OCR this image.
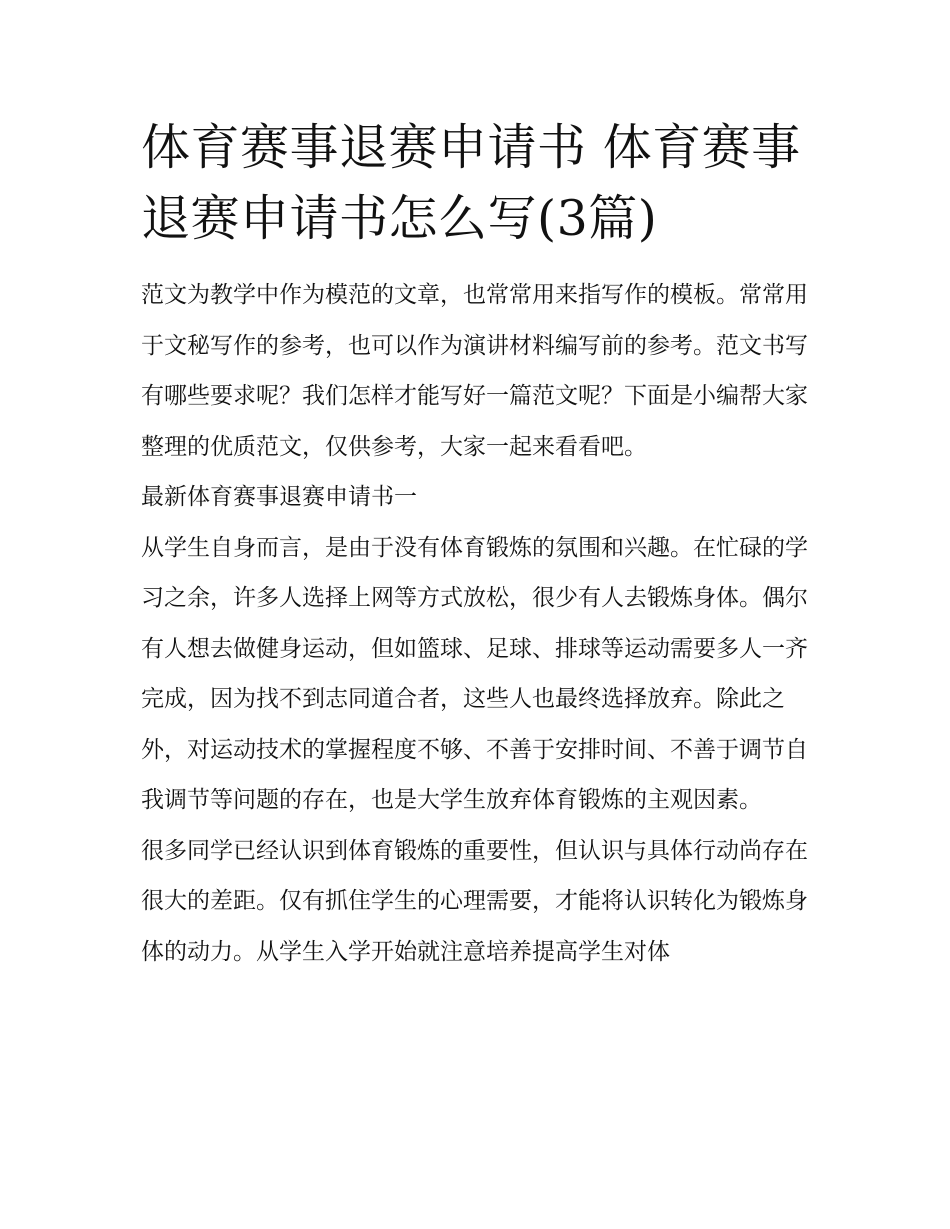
体育赛事退赛申请书 体育赛事退赛申请书怎么写(3篇)

范文为教学中作为模范的文章，也常常用来指写作的模板。常常用于文秘写作的参考，也可以作为演讲材料编写前的参考。范文书写有哪些要求呢？我们怎样才能写好一篇范文呢？下面是小编帮大家整理的优质范文，仅供参考，大家一起来看看吧。

最新体育赛事退赛申请书一

从学生自身而言，是由于没有体育锻炼的氛围和兴趣。在忙碌的学习之余，许多人选择上网等方式放松，很少有人去锻炼身体。偶尔有人想去做健身运动，但如篮球、足球、排球等运动需要多人一齐完成，因为找不到志同道合者，这些人也最终选择放弃。除此之外，对运动技术的掌握程度不够、不善于安排时间、不善于调节自我调节等问题的存在，也是大学生放弃体育锻炼的主观因素。

很多同学已经认识到体育锻炼的重要性，但认识与具体行动尚存在很大的差距。仅有抓住学生的心理需要，才能将认识转化为锻炼身体的动力。从学生入学开始就注意培养提高学生对体
